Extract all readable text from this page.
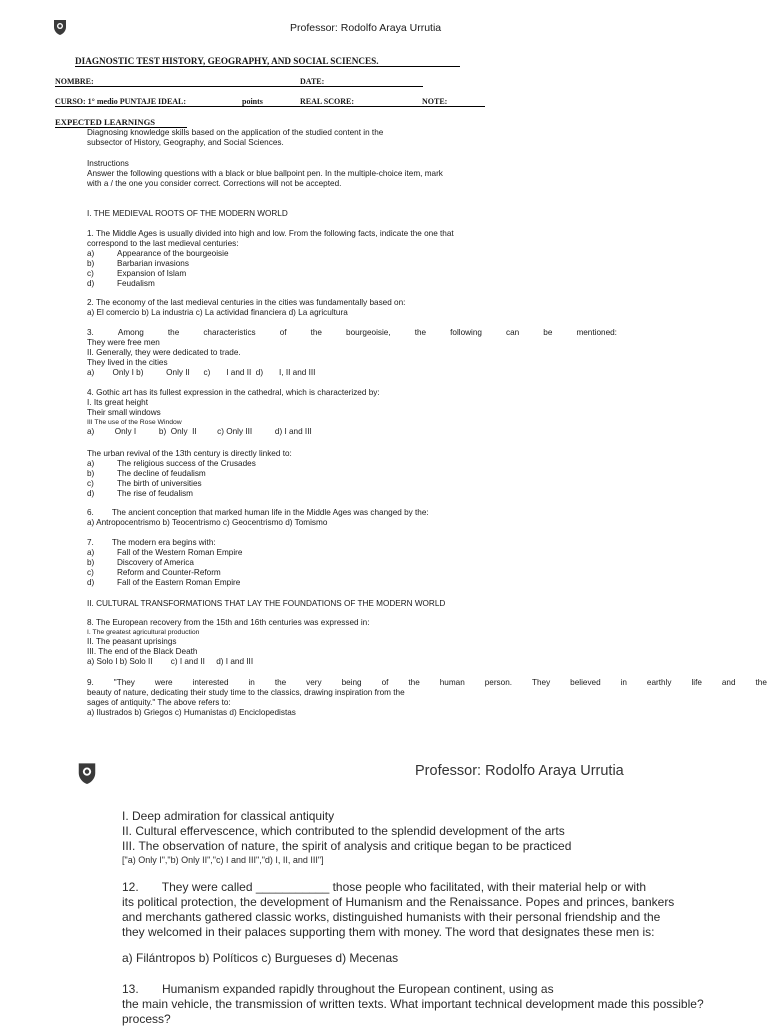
Professor: Rodolfo Araya Urrutia
DIAGNOSTIC TEST HISTORY, GEOGRAPHY, AND SOCIAL SCIENCES.
NOMBRE:	DATE:
CURSO: 1° medio PUNTAJE IDEAL:	points	REAL SCORE:	NOTE:
EXPECTED LEARNINGS
Diagnosing knowledge skills based on the application of the studied content in the
subsector of History, Geography, and Social Sciences.
Instructions
Answer the following questions with a black or blue ballpoint pen. In the multiple-choice item, mark
with a / the one you consider correct. Corrections will not be accepted.
I. THE MEDIEVAL ROOTS OF THE MODERN WORLD
1. The Middle Ages is usually divided into high and low. From the following facts, indicate the one that
correspond to the last medieval centuries:
a)	Appearance of the bourgeoisie
b)	Barbarian invasions
c)	Expansion of Islam
d)	Feudalism
2. The economy of the last medieval centuries in the cities was fundamentally based on:
a) El comercio b) La industria c) La actividad financiera d) La agricultura
3.	Among	the	characteristics	of	the	bourgeoisie,	the	following	can	be	mentioned:
They were free men
II. Generally, they were dedicated to trade.
They lived in the cities
a)        Only I b)          Only II      c)       I and II  d)       I, II and III
4. Gothic art has its fullest expression in the cathedral, which is characterized by:
I. Its great height
Their small windows
III The use of the Rose Window
a)         Only I          b)  Only  II         c) Only III          d) I and III
The urban revival of the 13th century is directly linked to:
a)	The religious success of the Crusades
b)	The decline of feudalism
c)	The birth of universities
d)	The rise of feudalism
6.        The ancient conception that marked human life in the Middle Ages was changed by the:
a) Antropocentrismo b) Teocentrismo c) Geocentrismo d) Tomismo
7.        The modern era begins with:
a)	Fall of the Western Roman Empire
b)	Discovery of America
c)	Reform and Counter-Reform
d)	Fall of the Eastern Roman Empire
II. CULTURAL TRANSFORMATIONS THAT LAY THE FOUNDATIONS OF THE MODERN WORLD
8. The European recovery from the 15th and 16th centuries was expressed in:
I. The greatest agricultural production
II. The peasant uprisings
III. The end of the Black Death
a) Solo I b) Solo II        c) I and II     d) I and III
9. "They were interested in the very being of the human person. They believed in earthly life and the
beauty of nature, dedicating their study time to the classics, drawing inspiration from the
sages of antiquity." The above refers to:
a) Ilustrados b) Griegos c) Humanistas d) Enciclopedistas
Professor: Rodolfo Araya Urrutia
I. Deep admiration for classical antiquity
II. Cultural effervescence, which contributed to the splendid development of the arts
III. The observation of nature, the spirit of analysis and critique began to be practiced
["a) Only I","b) Only II","c) I and III","d) I, II, and III"]
12.       They were called ___________ those people who facilitated, with their material help or with
its political protection, the development of Humanism and the Renaissance. Popes and princes, bankers
and merchants gathered classic works, distinguished humanists with their personal friendship and the
they welcomed in their palaces supporting them with money. The word that designates these men is:
a) Filántropos b) Políticos c) Burgueses d) Mecenas
13.       Humanism expanded rapidly throughout the European continent, using as
the main vehicle, the transmission of written texts. What important technical development made this possible?
process?
